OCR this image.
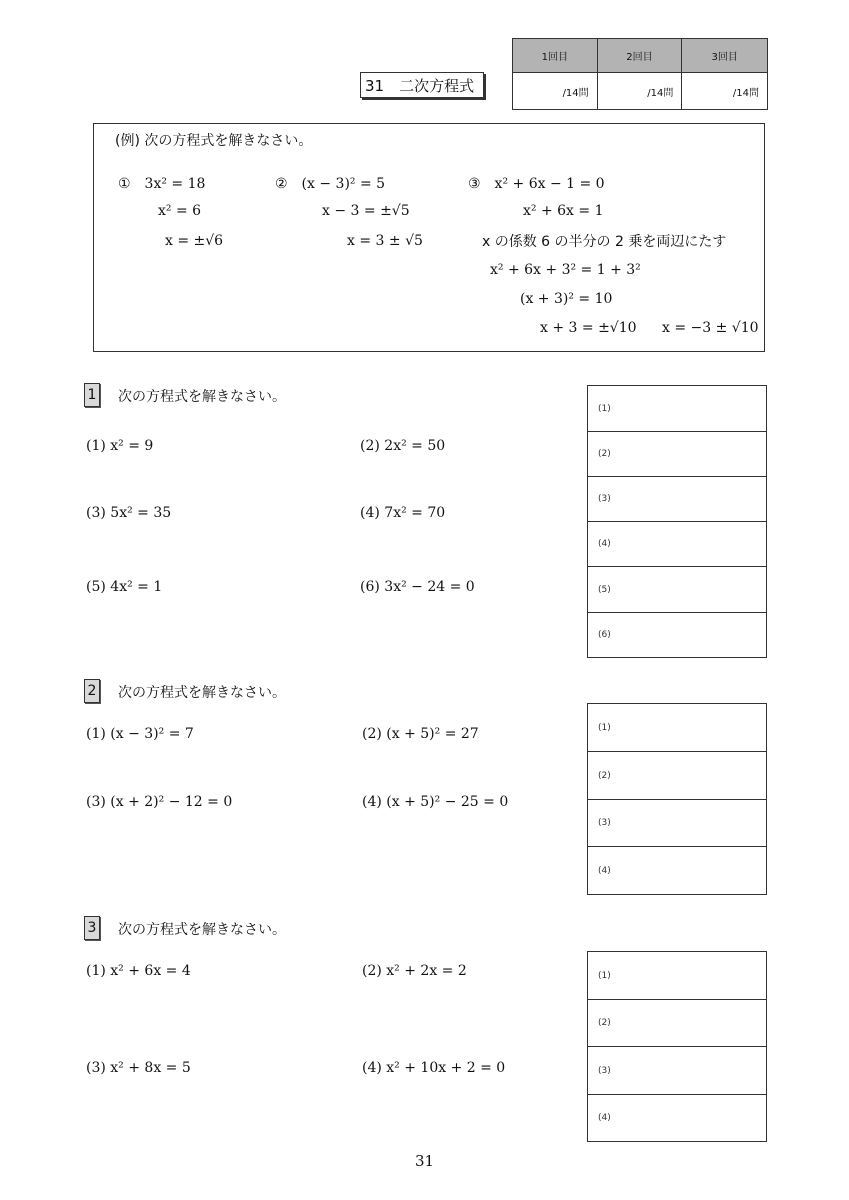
1回目	2回目	3回目
/14問	/14問	/14問
31　二次方程式
(例) 次の方程式を解きなさい。
①　3x² = 18
x² = 6
x = ±√6
②　(x − 3)² = 5
x − 3 = ±√5
x = 3 ± √5
③　x² + 6x − 1 = 0
x² + 6x = 1
x の係数 6 の半分の 2 乗を両辺にたす
x² + 6x + 3² = 1 + 3²
(x + 3)² = 10
x + 3 = ±√10 x = −3 ± √10
1 次の方程式を解きなさい。
(1) x² = 9	(2) 2x² = 50
(3) 5x² = 35	(4) 7x² = 70
(5) 4x² = 1	(6) 3x² − 24 = 0
(1)
(2)
(3)
(4)
(5)
(6)
2 次の方程式を解きなさい。
(1) (x − 3)² = 7	(2) (x + 5)² = 27
(3) (x + 2)² − 12 = 0	(4) (x + 5)² − 25 = 0
(1)
(2)
(3)
(4)
3 次の方程式を解きなさい。
(1) x² + 6x = 4	(2) x² + 2x = 2
(3) x² + 8x = 5	(4) x² + 10x + 2 = 0
(1)
(2)
(3)
(4)
31
